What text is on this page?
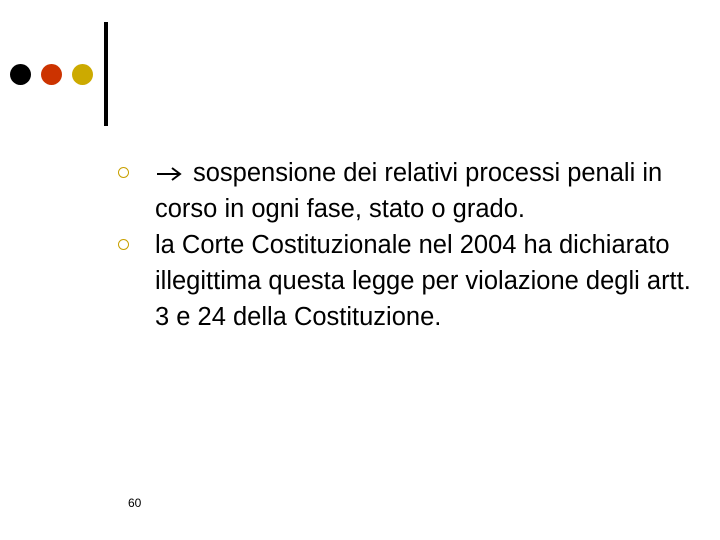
sospensione dei relativi processi penali in corso in ogni fase, stato o grado.
la Corte Costituzionale nel 2004 ha dichiarato illegittima questa legge per violazione degli artt. 3 e 24 della Costituzione.
60
